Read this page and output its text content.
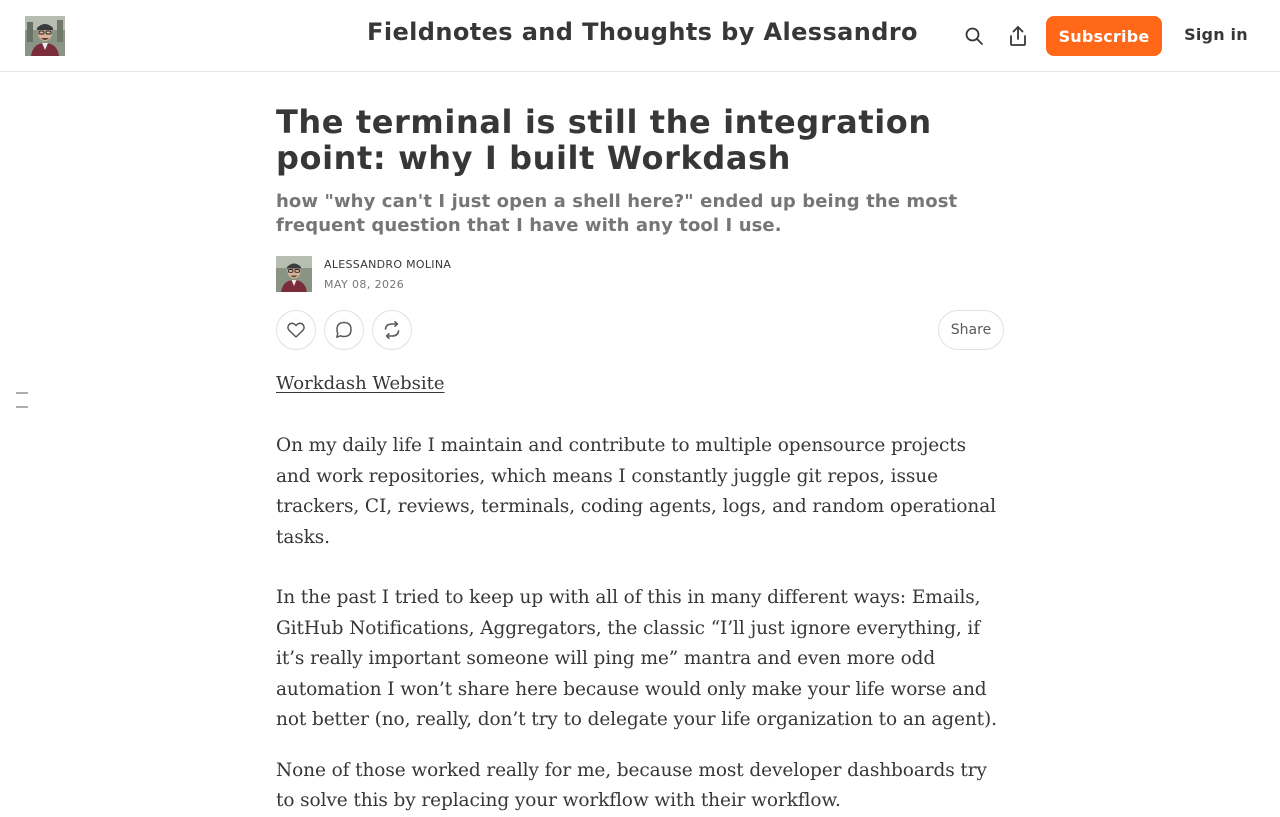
Fieldnotes and Thoughts by Alessandro	Subscribe	Sign in
The terminal is still the integration point: why I built Workdash
how "why can't I just open a shell here?" ended up being the most frequent question that I have with any tool I use.
ALESSANDRO MOLINA
MAY 08, 2026
Share
Workdash Website

On my daily life I maintain and contribute to multiple opensource projects and work repositories, which means I constantly juggle git repos, issue trackers, CI, reviews, terminals, coding agents, logs, and random operational tasks.

In the past I tried to keep up with all of this in many different ways: Emails, GitHub Notifications, Aggregators, the classic “I’ll just ignore everything, if it’s really important someone will ping me” mantra and even more odd automation I won’t share here because would only make your life worse and not better (no, really, don’t try to delegate your life organization to an agent).

None of those worked really for me, because most developer dashboards try to solve this by replacing your workflow with their workflow.
